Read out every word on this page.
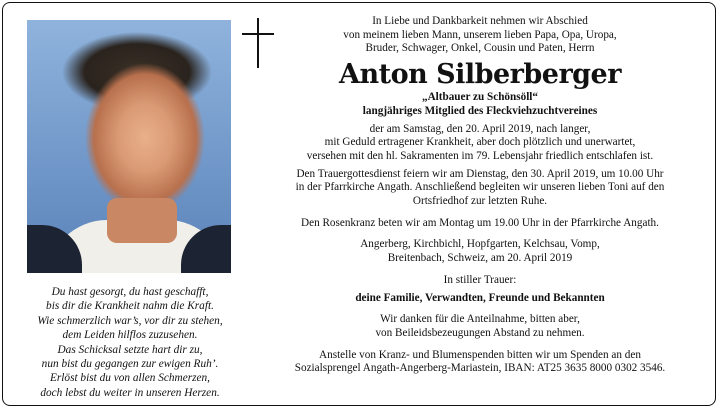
Du hast gesorgt, du hast geschafft,
bis dir die Krankheit nahm die Kraft.
Wie schmerzlich war’s, vor dir zu stehen,
dem Leiden hilflos zuzusehen.
Das Schicksal setzte hart dir zu,
nun bist du gegangen zur ewigen Ruh’.
Erlöst bist du von allen Schmerzen,
doch lebst du weiter in unseren Herzen.
In Liebe und Dankbarkeit nehmen wir Abschied
von meinem lieben Mann, unserem lieben Papa, Opa, Uropa,
Bruder, Schwager, Onkel, Cousin und Paten, Herrn
Anton Silberberger
„Altbauer zu Schönsöll“
langjähriges Mitglied des Fleckviehzuchtvereines
der am Samstag, den 20. April 2019, nach langer,
mit Geduld ertragener Krankheit, aber doch plötzlich und unerwartet,
versehen mit den hl. Sakramenten im 79. Lebensjahr friedlich entschlafen ist.
Den Trauergottesdienst feiern wir am Dienstag, den 30. April 2019, um 10.00 Uhr
in der Pfarrkirche Angath. Anschließend begleiten wir unseren lieben Toni auf den
Ortsfriedhof zur letzten Ruhe.
Den Rosenkranz beten wir am Montag um 19.00 Uhr in der Pfarrkirche Angath.
Angerberg, Kirchbichl, Hopfgarten, Kelchsau, Vomp,
Breitenbach, Schweiz, am 20. April 2019
In stiller Trauer:
deine Familie, Verwandten, Freunde und Bekannten
Wir danken für die Anteilnahme, bitten aber,
von Beileidsbezeugungen Abstand zu nehmen.
Anstelle von Kranz- und Blumenspenden bitten wir um Spenden an den
Sozialsprengel Angath-Angerberg-Mariastein, IBAN: AT25 3635 8000 0302 3546.
